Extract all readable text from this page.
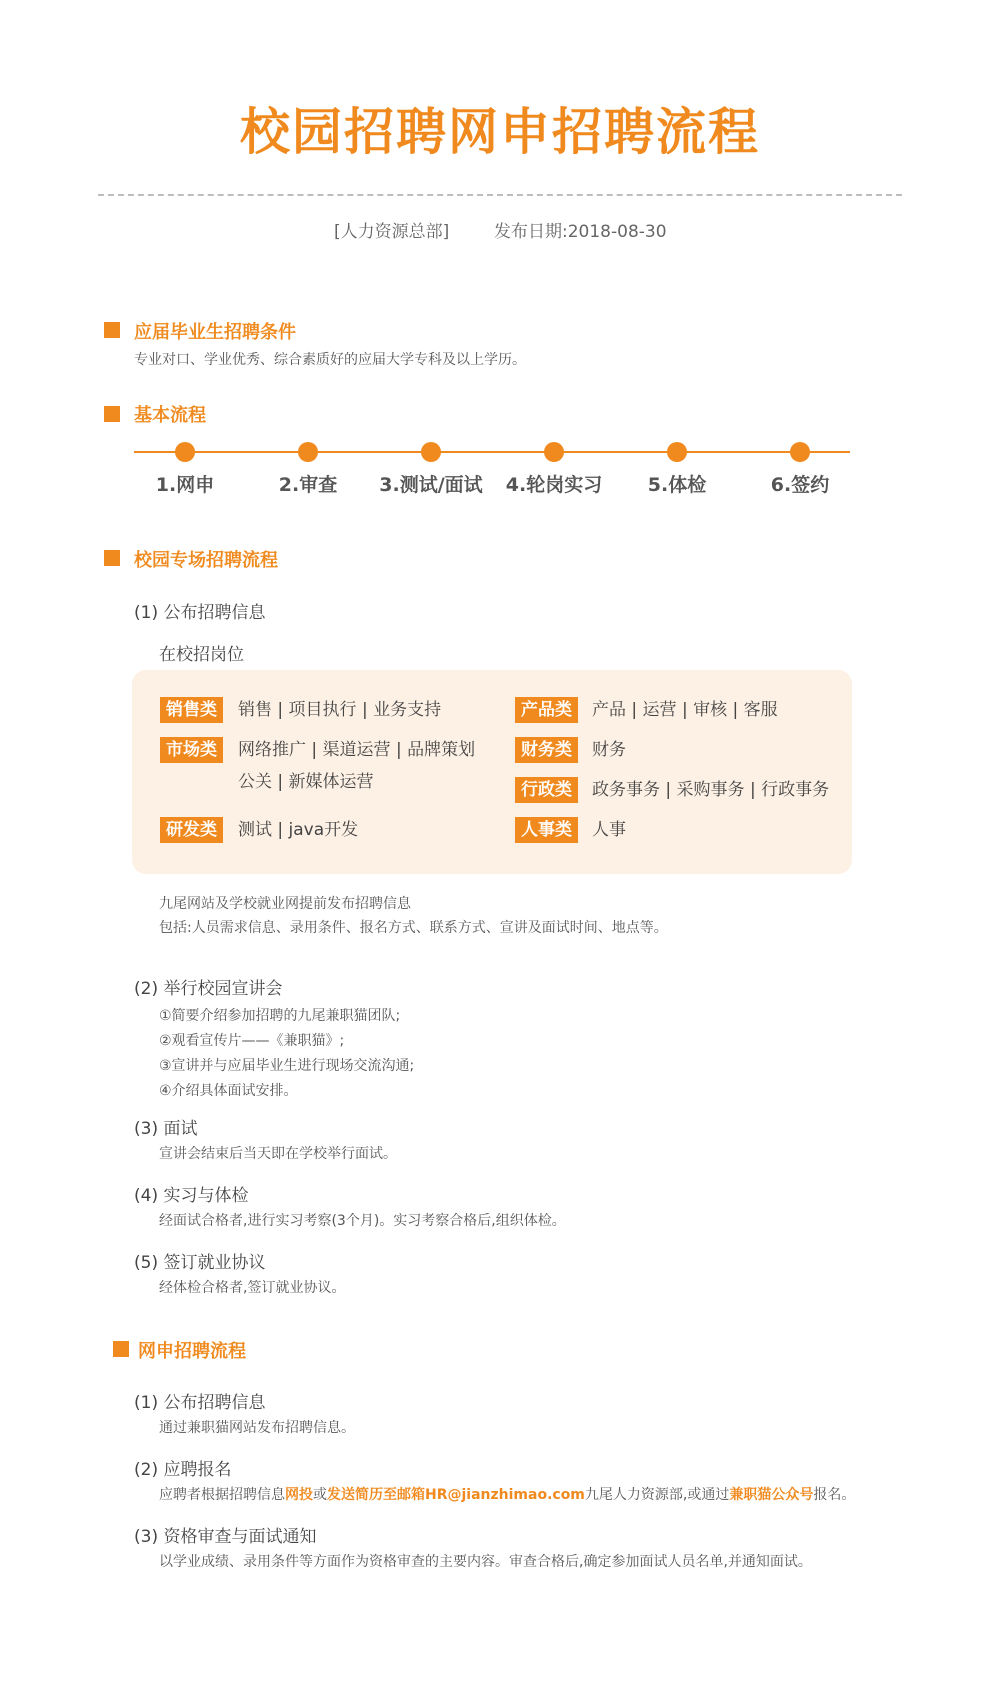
校园招聘网申招聘流程
[人力资源总部]	发布日期:2018-08-30
应届毕业生招聘条件
专业对口、学业优秀、综合素质好的应届大学专科及以上学历。
基本流程
1.网申	2.审查	3.测试/面试	4.轮岗实习	5.体检	6.签约
校园专场招聘流程
(1) 公布招聘信息
在校招岗位
销售类	销售 | 项目执行 | 业务支持
市场类	网络推广 | 渠道运营 | 品牌策划
公关 | 新媒体运营
研发类	测试 | java开发
产品类	产品 | 运营 | 审核 | 客服
财务类	财务
行政类	政务事务 | 采购事务 | 行政事务
人事类	人事
九尾网站及学校就业网提前发布招聘信息
包括:人员需求信息、录用条件、报名方式、联系方式、宣讲及面试时间、地点等。
(2) 举行校园宣讲会
①简要介绍参加招聘的九尾兼职猫团队;
②观看宣传片——《兼职猫》;
③宣讲并与应届毕业生进行现场交流沟通;
④介绍具体面试安排。
(3) 面试
宣讲会结束后当天即在学校举行面试。
(4) 实习与体检
经面试合格者,进行实习考察(3个月)。实习考察合格后,组织体检。
(5) 签订就业协议
经体检合格者,签订就业协议。
网申招聘流程
(1) 公布招聘信息
通过兼职猫网站发布招聘信息。
(2) 应聘报名
应聘者根据招聘信息网投或发送简历至邮箱HR@jianzhimao.com九尾人力资源部,或通过兼职猫公众号报名。
(3) 资格审查与面试通知
以学业成绩、录用条件等方面作为资格审查的主要内容。审查合格后,确定参加面试人员名单,并通知面试。
